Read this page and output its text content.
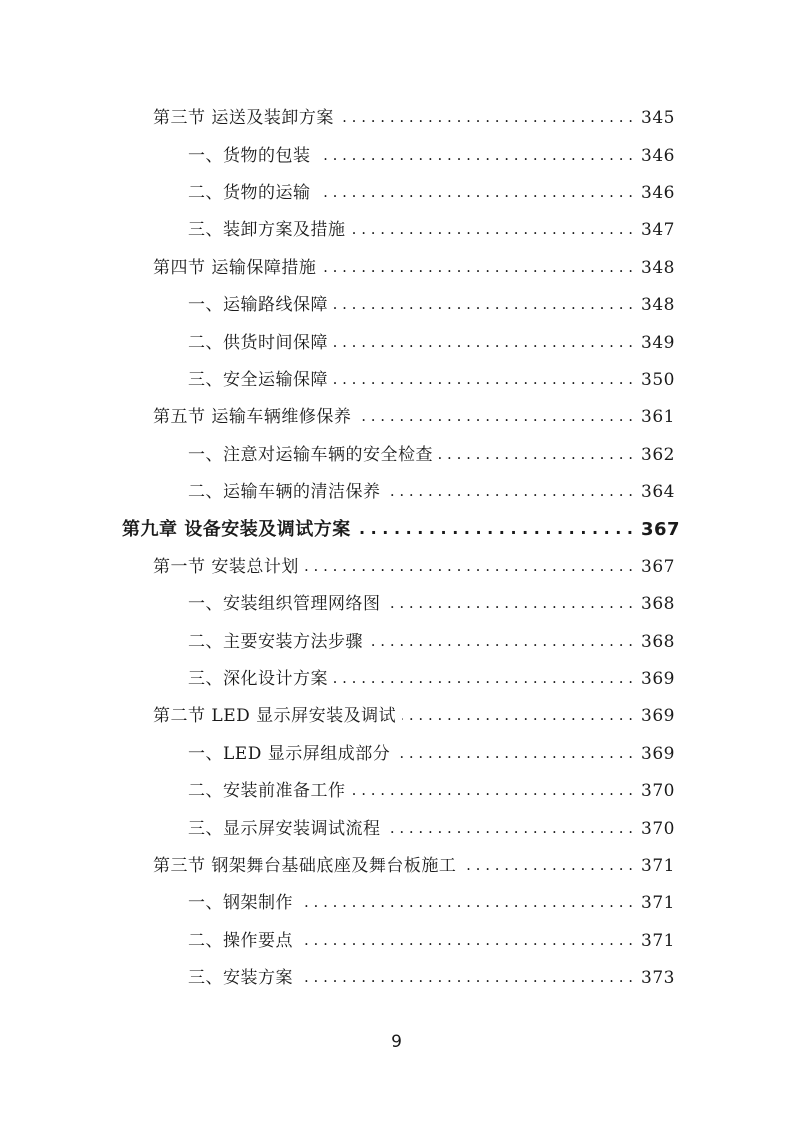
第三节 运送及装卸方案 . . .	345
一、货物的包装 . . .	346
二、货物的运输 . . .	346
三、装卸方案及措施 . . .	347
第四节 运输保障措施 . . .	348
一、运输路线保障 . . .	348
二、供货时间保障 . . .	349
三、安全运输保障 . . .	350
第五节 运输车辆维修保养 . . .	361
一、注意对运输车辆的安全检查 . . .	362
二、运输车辆的清洁保养 . . .	364
第九章 设备安装及调试方案 . . .	367
第一节 安装总计划 . . .	367
一、安装组织管理网络图 . . .	368
二、主要安装方法步骤 . . .	368
三、深化设计方案 . . .	369
第二节 LED 显示屏安装及调试 . . .	369
一、LED 显示屏组成部分 . . .	369
二、安装前准备工作 . . .	370
三、显示屏安装调试流程 . . .	370
第三节 钢架舞台基础底座及舞台板施工 . . .	371
一、钢架制作 . . .	371
二、操作要点 . . .	371
三、安装方案 . . .	373
9
